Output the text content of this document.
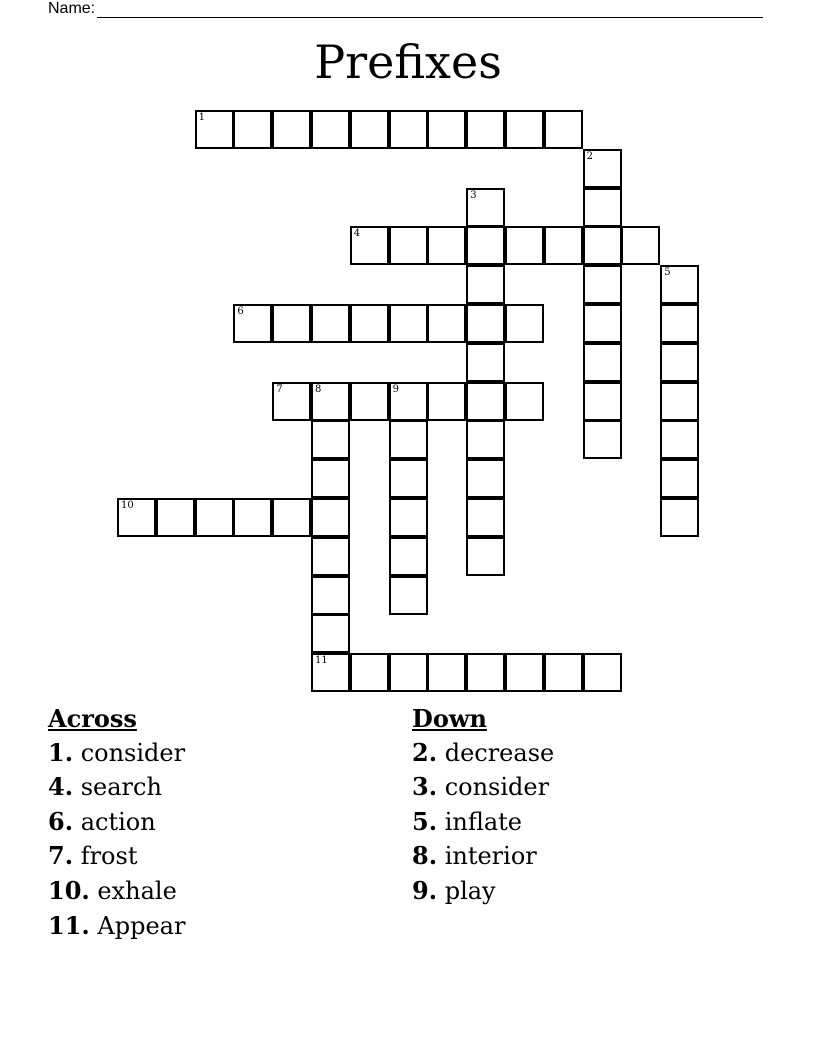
Name:
Prefixes
1
2
3
4
5
6
7	8	9
10
11
Across
1. consider
4. search
6. action
7. frost
10. exhale
11. Appear
Down
2. decrease
3. consider
5. inflate
8. interior
9. play
